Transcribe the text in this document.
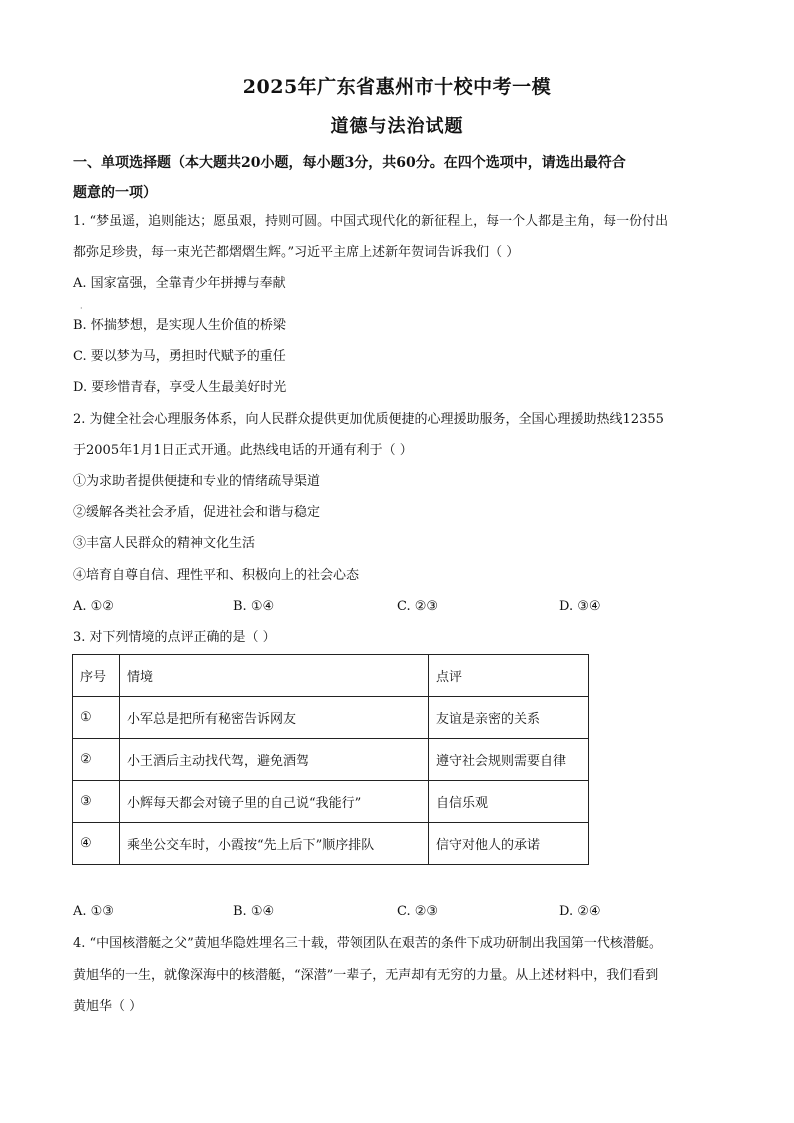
2025年广东省惠州市十校中考一模
道德与法治试题
一、单项选择题（本大题共20小题，每小题3分，共60分。在四个选项中，请选出最符合
题意的一项）
1. “梦虽遥，追则能达；愿虽艰，持则可圆。中国式现代化的新征程上，每一个人都是主角，每一份付出
都弥足珍贵，每一束光芒都熠熠生辉。”习近平主席上述新年贺词告诉我们（ ）
A. 国家富强，全靠青少年拼搏与奉献
·
B. 怀揣梦想，是实现人生价值的桥梁
C. 要以梦为马，勇担时代赋予的重任
D. 要珍惜青春，享受人生最美好时光
2. 为健全社会心理服务体系，向人民群众提供更加优质便捷的心理援助服务，全国心理援助热线12355
于2005年1月1日正式开通。此热线电话的开通有利于（ ）
①为求助者提供便捷和专业的情绪疏导渠道
②缓解各类社会矛盾，促进社会和谐与稳定
③丰富人民群众的精神文化生活
④培育自尊自信、理性平和、积极向上的社会心态
A. ①②	B. ①④	C. ②③	D. ③④
3. 对下列情境的点评正确的是（ ）
序号	情境	点评
①	小军总是把所有秘密告诉网友	友谊是亲密的关系
②	小王酒后主动找代驾，避免酒驾	遵守社会规则需要自律
③	小辉每天都会对镜子里的自己说“我能行”	自信乐观
④	乘坐公交车时，小霞按“先上后下”顺序排队	信守对他人的承诺
A. ①③	B. ①④	C. ②③	D. ②④
4. “中国核潜艇之父”黄旭华隐姓埋名三十载，带领团队在艰苦的条件下成功研制出我国第一代核潜艇。
黄旭华的一生，就像深海中的核潜艇，“深潜”一辈子，无声却有无穷的力量。从上述材料中，我们看到
黄旭华（ ）
